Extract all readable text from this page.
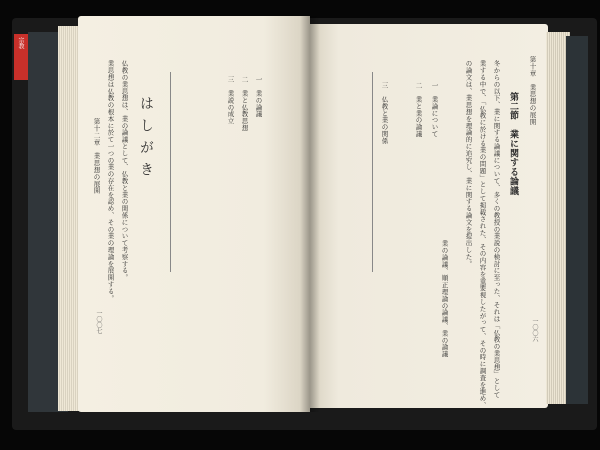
宗教
第十章　業思想の展開
第二節　業に関する論議
冬からの以下、業に関する論議について、多くの教授の業説の検討に至った、それは「仏教の業思想」として
業する中で、「仏教に於ける業の問題」として掲載された、その内容を重要視したがって、その時に調査を進め、
の論文は、業思想を理論的に追究し、業に関する論文を提出した。
一　業論について
二　業と業の論議
三　仏教と業の関係
業の論議、順正理論の論議、業の論議	一〇〇六
一　業の論議
二　業と仏教思想
三　業説の成立
はしがき
仏教の業思想は、業の論議として、仏教と業の関係について考察する。
業思想は仏教の根本に於て一つの業の存在を認め、その業の理論を展開する。
第十二章　業思想の展開
一〇〇七
